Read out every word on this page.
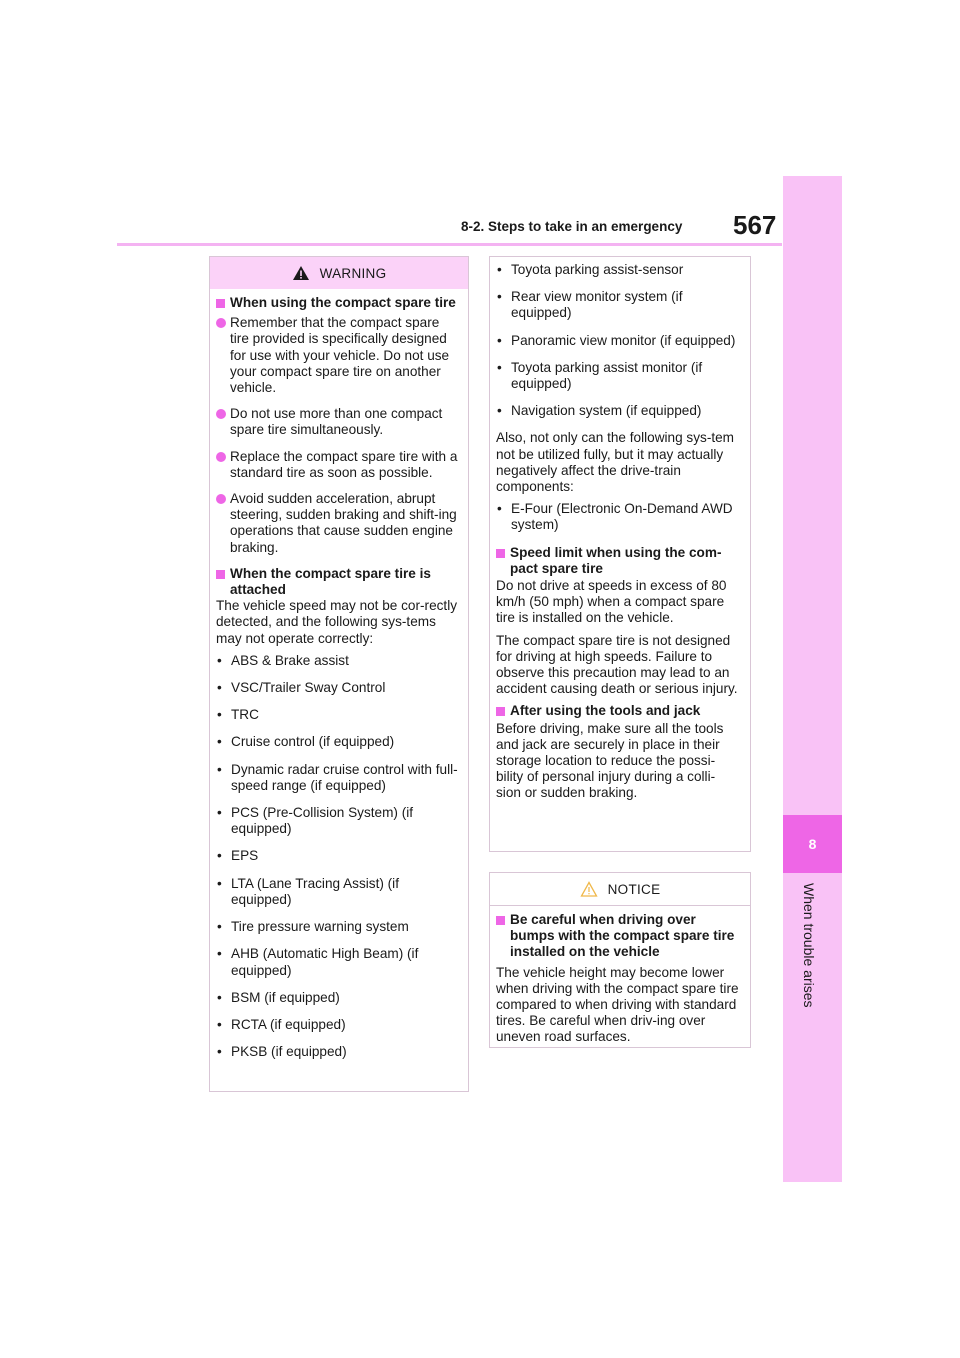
8
When trouble arises
8-2. Steps to take in an emergency 567
WARNING
When using the compact spare tire
Remember that the compact spare tire provided is specifically designed for use with your vehicle. Do not use your compact spare tire on another vehicle.
Do not use more than one compact spare tire simultaneously.
Replace the compact spare tire with a standard tire as soon as possible.
Avoid sudden acceleration, abrupt steering, sudden braking and shift-ing operations that cause sudden engine braking.
When the compact spare tire is attached

The vehicle speed may not be cor-rectly detected, and the following sys-tems may not operate correctly:

• ABS & Brake assist
• VSC/Trailer Sway Control
• TRC
• Cruise control (if equipped)
• Dynamic radar cruise control with full-speed range (if equipped)
• PCS (Pre-Collision System) (if equipped)
• EPS
• LTA (Lane Tracing Assist) (if equipped)
• Tire pressure warning system
• AHB (Automatic High Beam) (if equipped)
• BSM (if equipped)
• RCTA (if equipped)
• PKSB (if equipped)
• Toyota parking assist-sensor
• Rear view monitor system (if equipped)
• Panoramic view monitor (if equipped)
• Toyota parking assist monitor (if equipped)
• Navigation system (if equipped)

Also, not only can the following sys-tem not be utilized fully, but it may actually negatively affect the drive-train components:

• E-Four (Electronic On-Demand AWD system)
Speed limit when using the com-pact spare tire

Do not drive at speeds in excess of 80 km/h (50 mph) when a compact spare tire is installed on the vehicle.

The compact spare tire is not designed for driving at high speeds. Failure to observe this precaution may lead to an accident causing death or serious injury.

After using the tools and jack

Before driving, make sure all the tools and jack are securely in place in their storage location to reduce the possi-bility of personal injury during a colli-sion or sudden braking.

NOTICE
Be careful when driving over bumps with the compact spare tire installed on the vehicle

The vehicle height may become lower when driving with the compact spare tire compared to when driving with standard tires. Be careful when driv-ing over uneven road surfaces.
